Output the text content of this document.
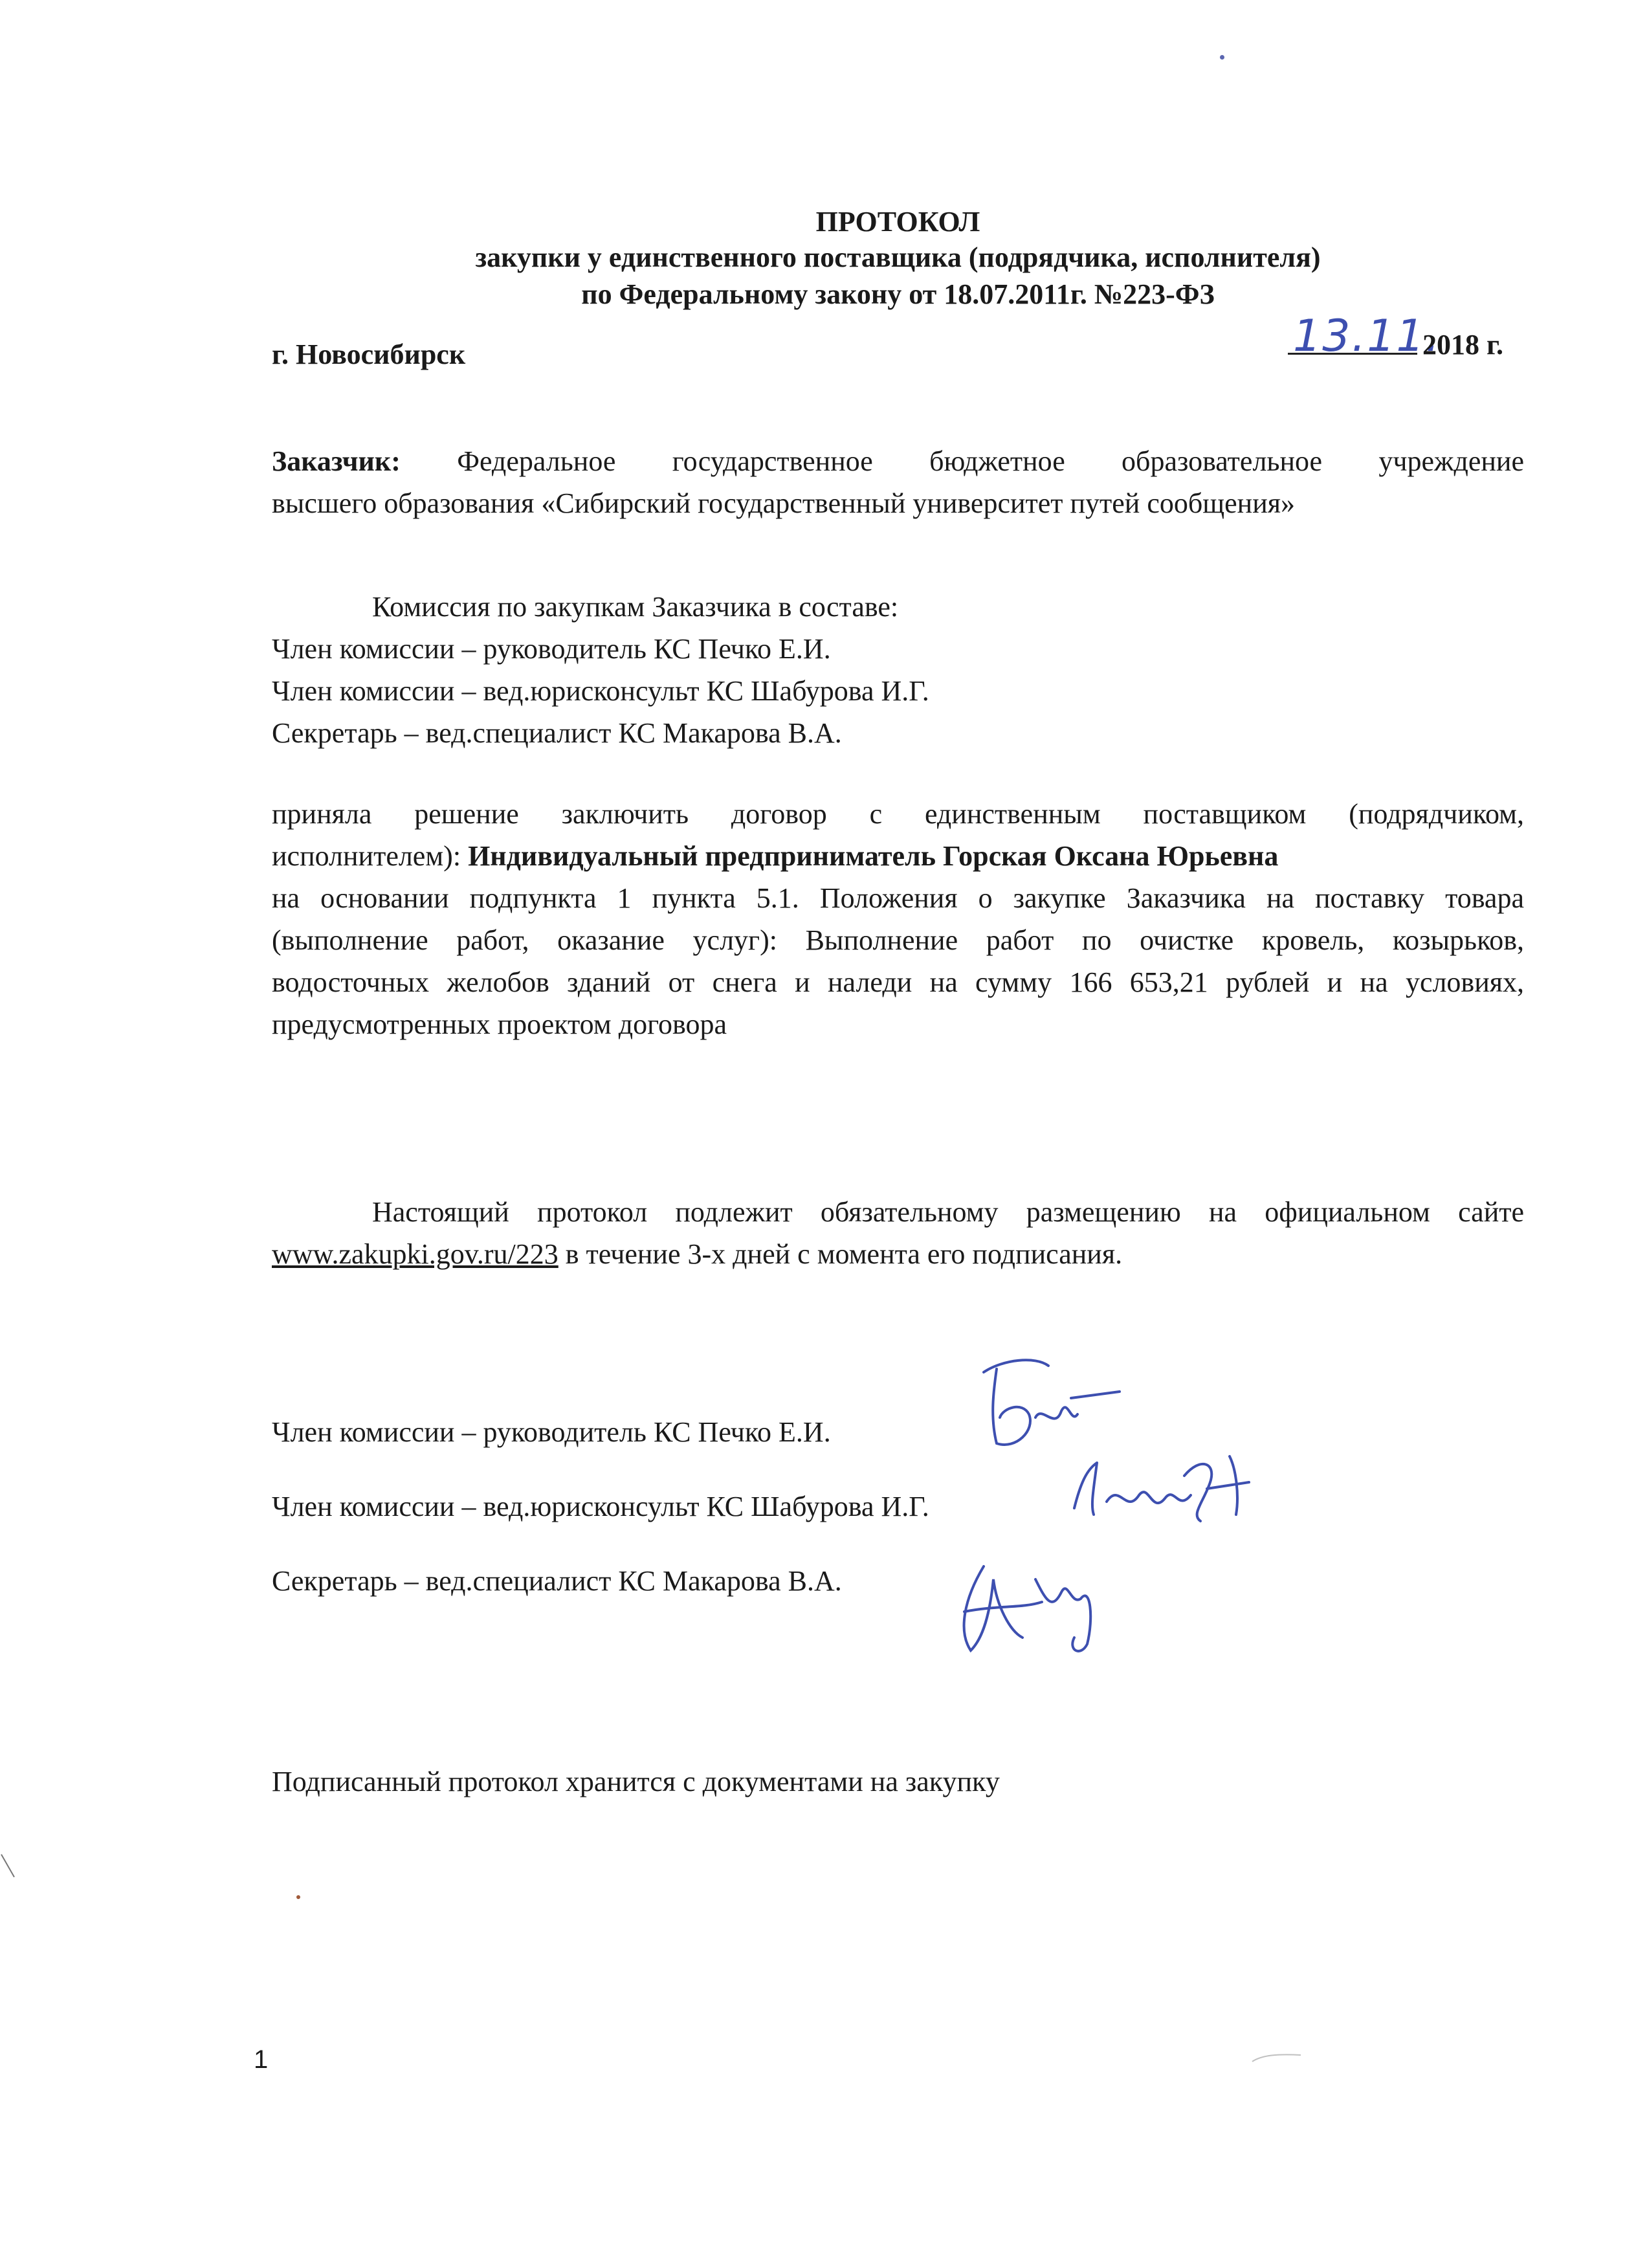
ПРОТОКОЛ
закупки у единственного поставщика (подрядчика, исполнителя)
по Федеральному закону от 18.07.2011г. №223-ФЗ
г. Новосибирск	13.11.
2018 г.
Заказчик: Федеральное государственное бюджетное образовательное учреждение
высшего образования «Сибирский государственный университет путей сообщения»
Комиссия по закупкам Заказчика в составе:
Член комиссии – руководитель КС Печко Е.И.
Член комиссии – вед.юрисконсульт КС Шабурова И.Г.
Секретарь – вед.специалист КС Макарова В.А.
приняла решение заключить договор с единственным поставщиком (подрядчиком,
исполнителем): Индивидуальный предприниматель Горская Оксана Юрьевна
на основании подпункта 1 пункта 5.1. Положения о закупке Заказчика на поставку товара
(выполнение работ, оказание услуг): Выполнение работ по очистке кровель, козырьков,
водосточных желобов зданий от снега и наледи на сумму 166 653,21 рублей и на условиях,
предусмотренных проектом договора
Настоящий протокол подлежит обязательному размещению на официальном сайте
www.zakupki.gov.ru/223 в течение 3-х дней с момента его подписания.
Член комиссии – руководитель КС Печко Е.И.
Член комиссии – вед.юрисконсульт КС Шабурова И.Г.
Секретарь – вед.специалист КС Макарова В.А.
Подписанный протокол хранится с документами на закупку
1
